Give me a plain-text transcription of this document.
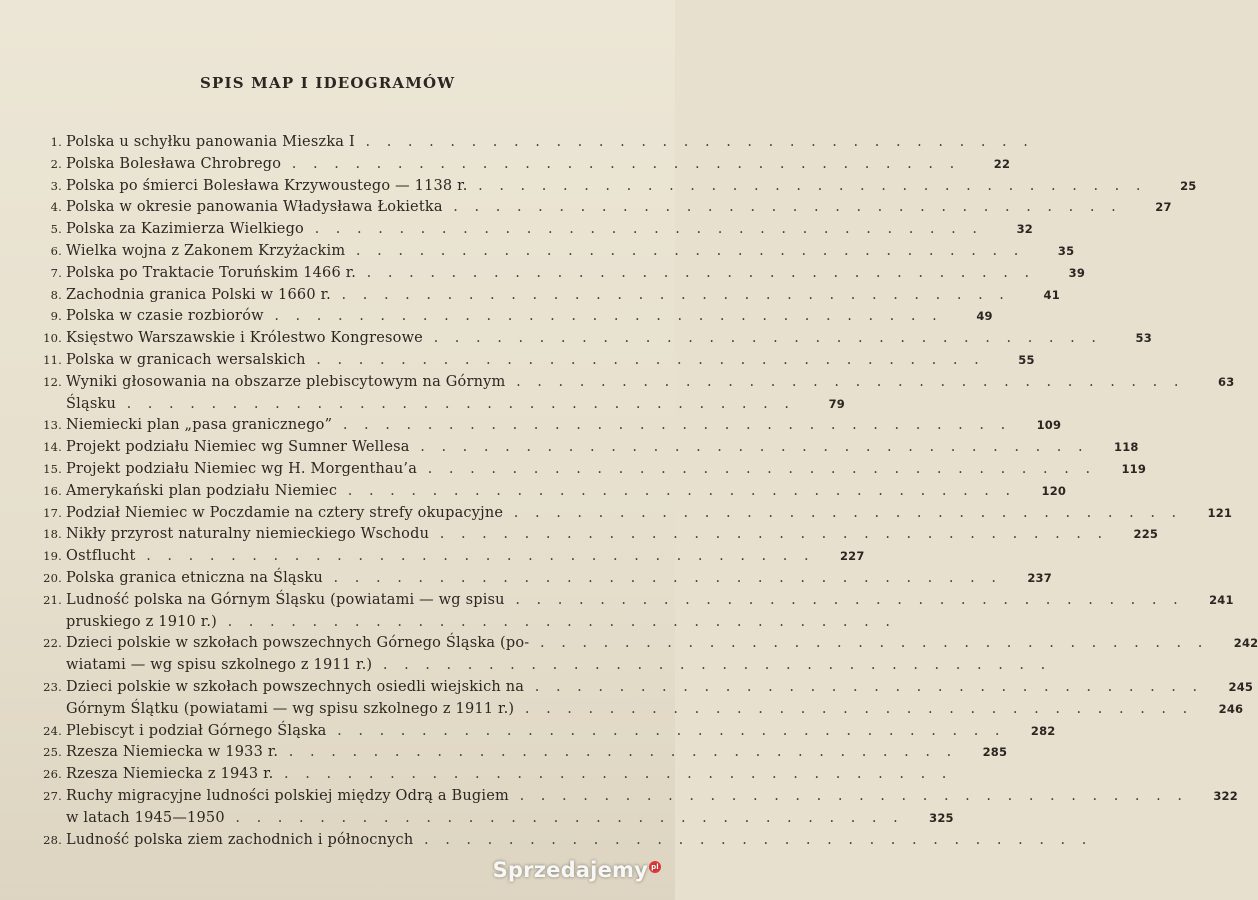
SPIS MAP I IDEOGRAMÓW
1. Polska u schyłku panowania Mieszka I . . . . . . . . . . . . . . . . . . . . . . . . . . . . . . . .
2. Polska Bolesława Chrobrego . . . . . . . . . . . . . . . . . . . . . . . . . . . . . . . .	22
3. Polska po śmierci Bolesława Krzywoustego — 1138 r. . . . . . . . . . . . . . . . . . . . . . . . . . . . . . . . .	25
4. Polska w okresie panowania Władysława Łokietka . . . . . . . . . . . . . . . . . . . . . . . . . . . . . . . .	27
5. Polska za Kazimierza Wielkiego . . . . . . . . . . . . . . . . . . . . . . . . . . . . . . . .	32
6. Wielka wojna z Zakonem Krzyżackim . . . . . . . . . . . . . . . . . . . . . . . . . . . . . . . .	35
7. Polska po Traktacie Toruńskim 1466 r. . . . . . . . . . . . . . . . . . . . . . . . . . . . . . . . .	39
8. Zachodnia granica Polski w 1660 r. . . . . . . . . . . . . . . . . . . . . . . . . . . . . . . . .	41
9. Polska w czasie rozbiorów . . . . . . . . . . . . . . . . . . . . . . . . . . . . . . . .	49
10. Księstwo Warszawskie i Królestwo Kongresowe . . . . . . . . . . . . . . . . . . . . . . . . . . . . . . . .	53
11. Polska w granicach wersalskich . . . . . . . . . . . . . . . . . . . . . . . . . . . . . . . .	55
12. Wyniki głosowania na obszarze plebiscytowym na Górnym . . . . . . . . . . . . . . . . . . . . . . . . . . . . . . . .	63
Śląsku . . . . . . . . . . . . . . . . . . . . . . . . . . . . . . . .	79
13. Niemiecki plan „pasa granicznego” . . . . . . . . . . . . . . . . . . . . . . . . . . . . . . . .	109
14. Projekt podziału Niemiec wg Sumner Wellesa . . . . . . . . . . . . . . . . . . . . . . . . . . . . . . . .	118
15. Projekt podziału Niemiec wg H. Morgenthau’a . . . . . . . . . . . . . . . . . . . . . . . . . . . . . . . .	119
16. Amerykański plan podziału Niemiec . . . . . . . . . . . . . . . . . . . . . . . . . . . . . . . .	120
17. Podział Niemiec w Poczdamie na cztery strefy okupacyjne . . . . . . . . . . . . . . . . . . . . . . . . . . . . . . . .	121
18. Nikły przyrost naturalny niemieckiego Wschodu . . . . . . . . . . . . . . . . . . . . . . . . . . . . . . . .	225
19. Ostflucht . . . . . . . . . . . . . . . . . . . . . . . . . . . . . . . .	227
20. Polska granica etniczna na Śląsku . . . . . . . . . . . . . . . . . . . . . . . . . . . . . . . .	237
21. Ludność polska na Górnym Śląsku (powiatami — wg spisu . . . . . . . . . . . . . . . . . . . . . . . . . . . . . . . .	241
pruskiego z 1910 r.) . . . . . . . . . . . . . . . . . . . . . . . . . . . . . . . .
22. Dzieci polskie w szkołach powszechnych Górnego Śląska (po- . . . . . . . . . . . . . . . . . . . . . . . . . . . . . . . .	242
wiatami — wg spisu szkolnego z 1911 r.) . . . . . . . . . . . . . . . . . . . . . . . . . . . . . . . .
23. Dzieci polskie w szkołach powszechnych osiedli wiejskich na . . . . . . . . . . . . . . . . . . . . . . . . . . . . . . . .	245
Górnym Ślątku (powiatami — wg spisu szkolnego z 1911 r.) . . . . . . . . . . . . . . . . . . . . . . . . . . . . . . . .	246
24. Plebiscyt i podział Górnego Śląska . . . . . . . . . . . . . . . . . . . . . . . . . . . . . . . .	282
25. Rzesza Niemiecka w 1933 r. . . . . . . . . . . . . . . . . . . . . . . . . . . . . . . . .	285
26. Rzesza Niemiecka z 1943 r. . . . . . . . . . . . . . . . . . . . . . . . . . . . . . . . .
27. Ruchy migracyjne ludności polskiej między Odrą a Bugiem . . . . . . . . . . . . . . . . . . . . . . . . . . . . . . . .	322
w latach 1945—1950 . . . . . . . . . . . . . . . . . . . . . . . . . . . . . . . .	325
28. Ludność polska ziem zachodnich i północnych . . . . . . . . . . . . . . . . . . . . . . . . . . . . . . . .
Sprzedajemy pl
